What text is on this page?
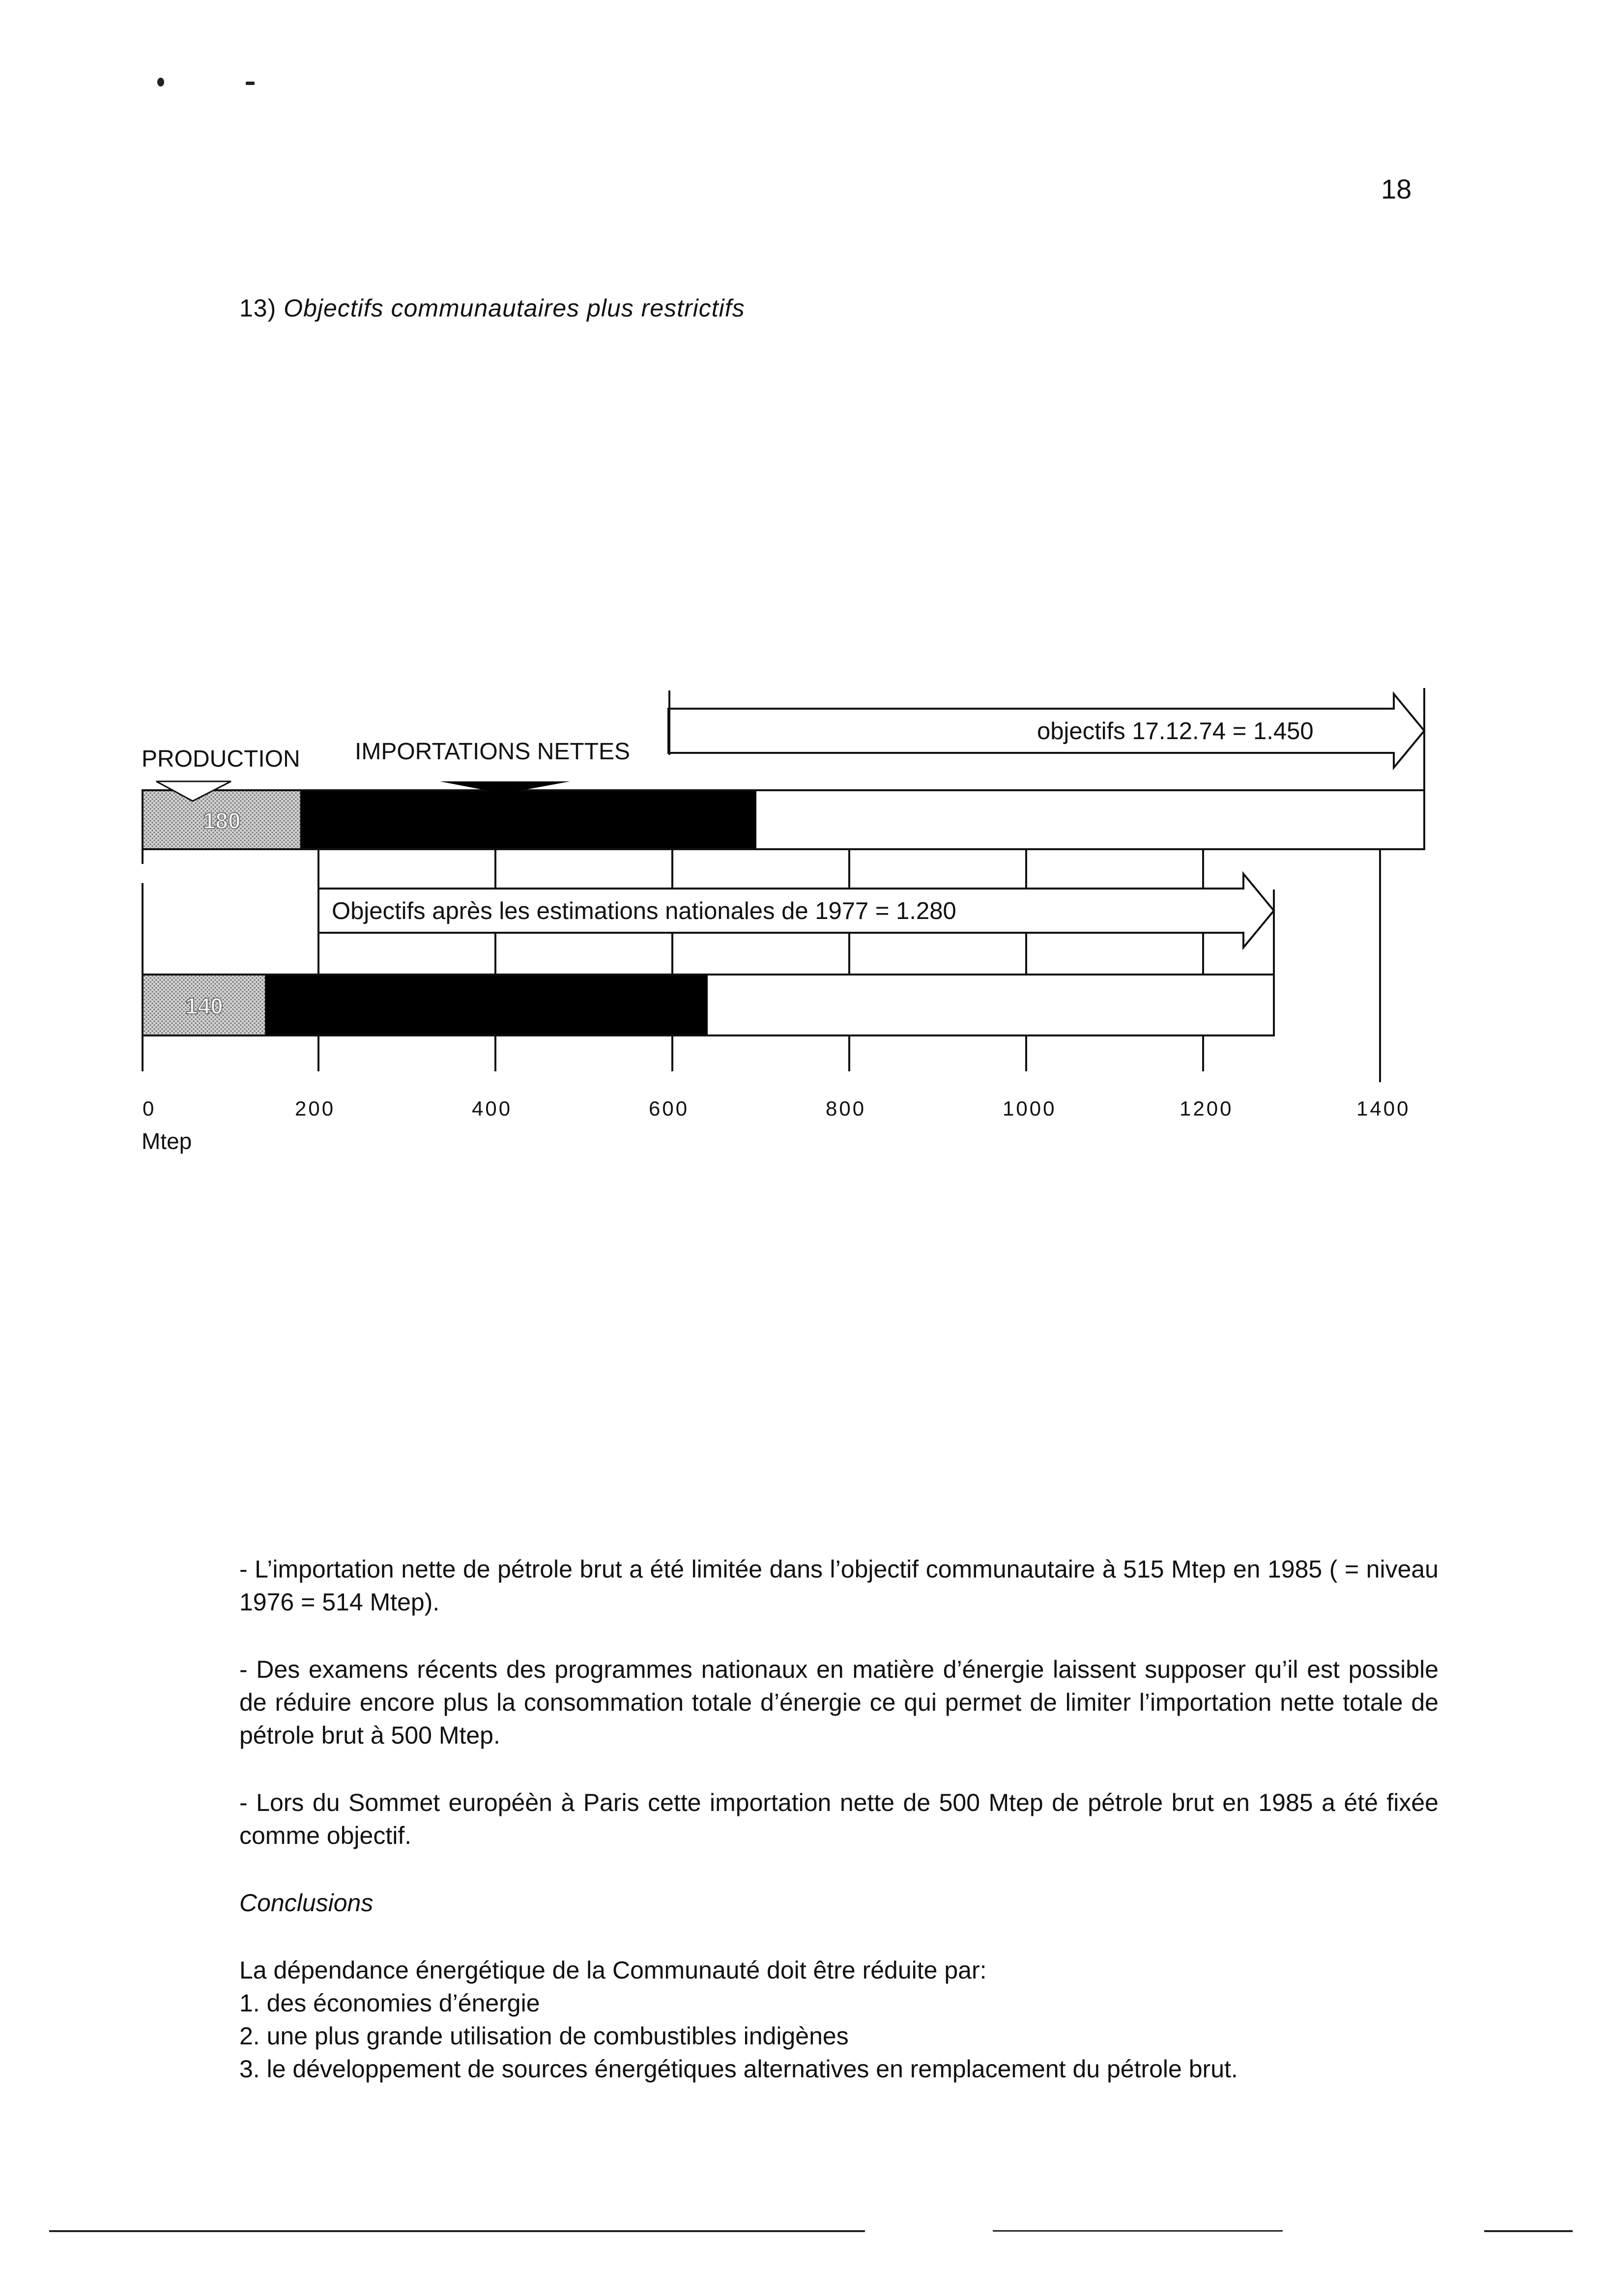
18
13) Objectifs communautaires plus restrictifs
180
objectifs 17.12.74 = 1.450
140
Objectifs après les estimations nationales de 1977 = 1.280
PRODUCTION IMPORTATIONS NETTES
0	200	400	600	800	1000	1200	1400
Mtep

- L’importation nette de pétrole brut a été limitée dans l’objectif communautaire à 515 Mtep en 1985 ( = niveau 1976 = 514 Mtep).

- Des examens récents des programmes nationaux en matière d’énergie laissent supposer qu’il est possible de réduire encore plus la consommation totale d’énergie ce qui permet de limiter l’importation nette totale de pétrole brut à 500 Mtep.

- Lors du Sommet européèn à Paris cette importation nette de 500 Mtep de pétrole brut en 1985 a été fixée comme objectif.

Conclusions

La dépendance énergétique de la Communauté doit être réduite par:

1. des économies d’énergie

2. une plus grande utilisation de combustibles indigènes

3. le développement de sources énergétiques alternatives en remplacement du pétrole brut.
